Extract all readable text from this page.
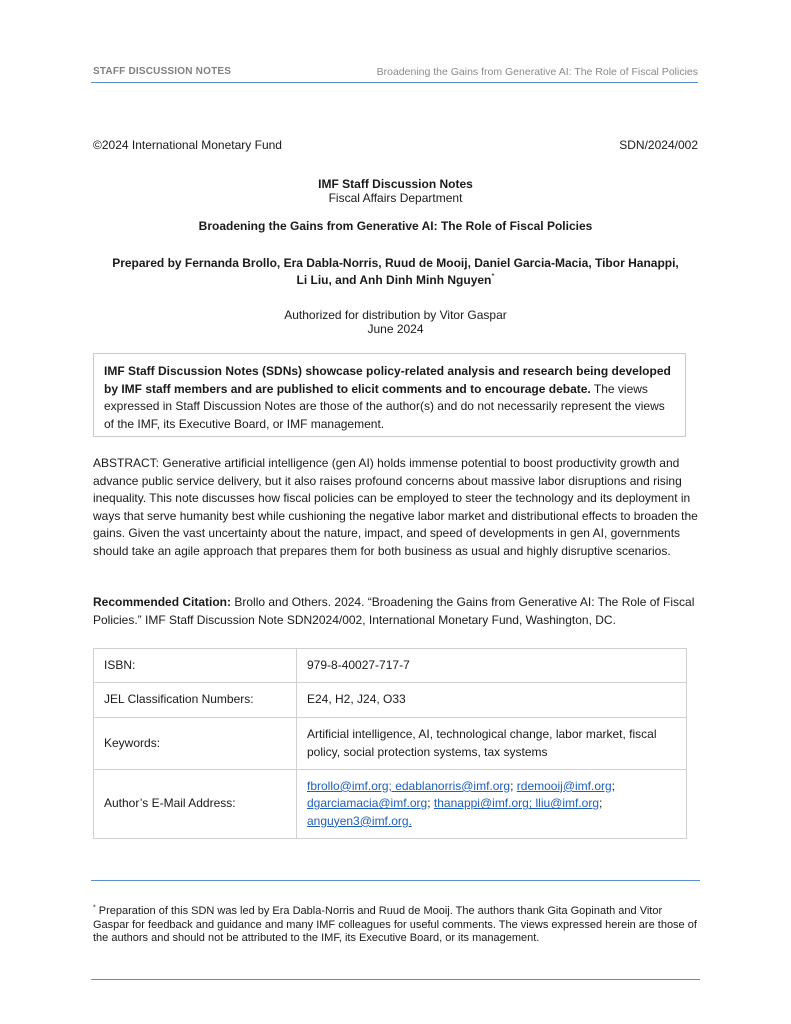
STAFF DISCUSSION NOTES	Broadening the Gains from Generative AI: The Role of Fiscal Policies
©2024 International Monetary Fund	SDN/2024/002
IMF Staff Discussion Notes
Fiscal Affairs Department
Broadening the Gains from Generative AI: The Role of Fiscal Policies
Prepared by Fernanda Brollo, Era Dabla-Norris, Ruud de Mooij, Daniel Garcia-Macia, Tibor Hanappi,
Li Liu, and Anh Dinh Minh Nguyen*
Authorized for distribution by Vitor Gaspar
June 2024
IMF Staff Discussion Notes (SDNs) showcase policy-related analysis and research being developed by IMF staff members and are published to elicit comments and to encourage debate. The views expressed in Staff Discussion Notes are those of the author(s) and do not necessarily represent the views of the IMF, its Executive Board, or IMF management.
ABSTRACT: Generative artificial intelligence (gen AI) holds immense potential to boost productivity growth and advance public service delivery, but it also raises profound concerns about massive labor disruptions and rising inequality. This note discusses how fiscal policies can be employed to steer the technology and its deployment in ways that serve humanity best while cushioning the negative labor market and distributional effects to broaden the gains. Given the vast uncertainty about the nature, impact, and speed of developments in gen AI, governments should take an agile approach that prepares them for both business as usual and highly disruptive scenarios.
Recommended Citation: Brollo and Others. 2024. “Broadening the Gains from Generative AI: The Role of Fiscal Policies.” IMF Staff Discussion Note SDN2024/002, International Monetary Fund, Washington, DC.
ISBN:	979-8-40027-717-7
JEL Classification Numbers:	E24, H2, J24, O33
Keywords:	Artificial intelligence, AI, technological change, labor market, fiscal policy, social protection systems, tax systems
Author’s E-Mail Address:	fbrollo@imf.org; edablanorris@imf.org; rdemooij@imf.org;
dgarciamacia@imf.org; thanappi@imf.org; lliu@imf.org;
anguyen3@imf.org.
* Preparation of this SDN was led by Era Dabla-Norris and Ruud de Mooij. The authors thank Gita Gopinath and Vitor Gaspar for feedback and guidance and many IMF colleagues for useful comments. The views expressed herein are those of the authors and should not be attributed to the IMF, its Executive Board, or its management.
